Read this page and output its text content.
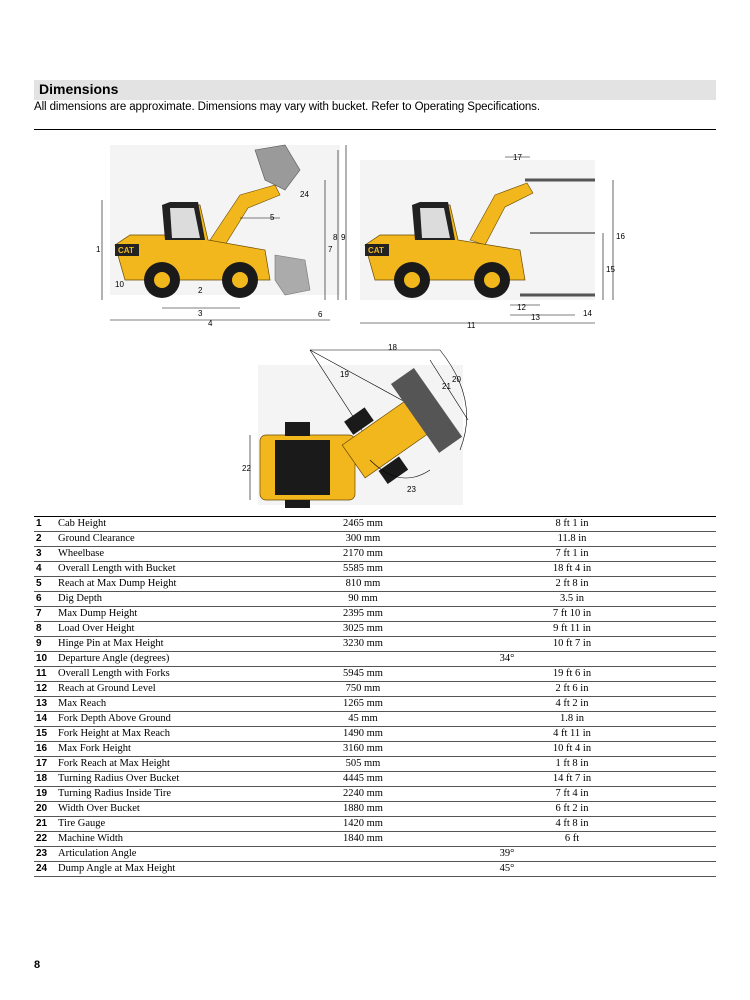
Dimensions
All dimensions are approximate. Dimensions may vary with bucket. Refer to Operating Specifications.
CAT
1
2
3
4
5
6
7
8 9
10
24
CAT
11
12
13	14
15
16
17
18
19
20
21
22
23
1	Cab Height	2465 mm	8 ft 1 in
2	Ground Clearance	300 mm	11.8 in
3	Wheelbase	2170 mm	7 ft 1 in
4	Overall Length with Bucket	5585 mm	18 ft 4 in
5	Reach at Max Dump Height	810 mm	2 ft 8 in
6	Dig Depth	90 mm	3.5 in
7	Max Dump Height	2395 mm	7 ft 10 in
8	Load Over Height	3025 mm	9 ft 11 in
9	Hinge Pin at Max Height	3230 mm	10 ft 7 in
10	Departure Angle (degrees)	34°	
11	Overall Length with Forks	5945 mm	19 ft 6 in
12	Reach at Ground Level	750 mm	2 ft 6 in
13	Max Reach	1265 mm	4 ft 2 in
14	Fork Depth Above Ground	45 mm	1.8 in
15	Fork Height at Max Reach	1490 mm	4 ft 11 in
16	Max Fork Height	3160 mm	10 ft 4 in
17	Fork Reach at Max Height	505 mm	1 ft 8 in
18	Turning Radius Over Bucket	4445 mm	14 ft 7 in
19	Turning Radius Inside Tire	2240 mm	7 ft 4 in
20	Width Over Bucket	1880 mm	6 ft 2 in
21	Tire Gauge	1420 mm	4 ft 8 in
22	Machine Width	1840 mm	6 ft
23	Articulation Angle	39°	
24	Dump Angle at Max Height	45°	
8
